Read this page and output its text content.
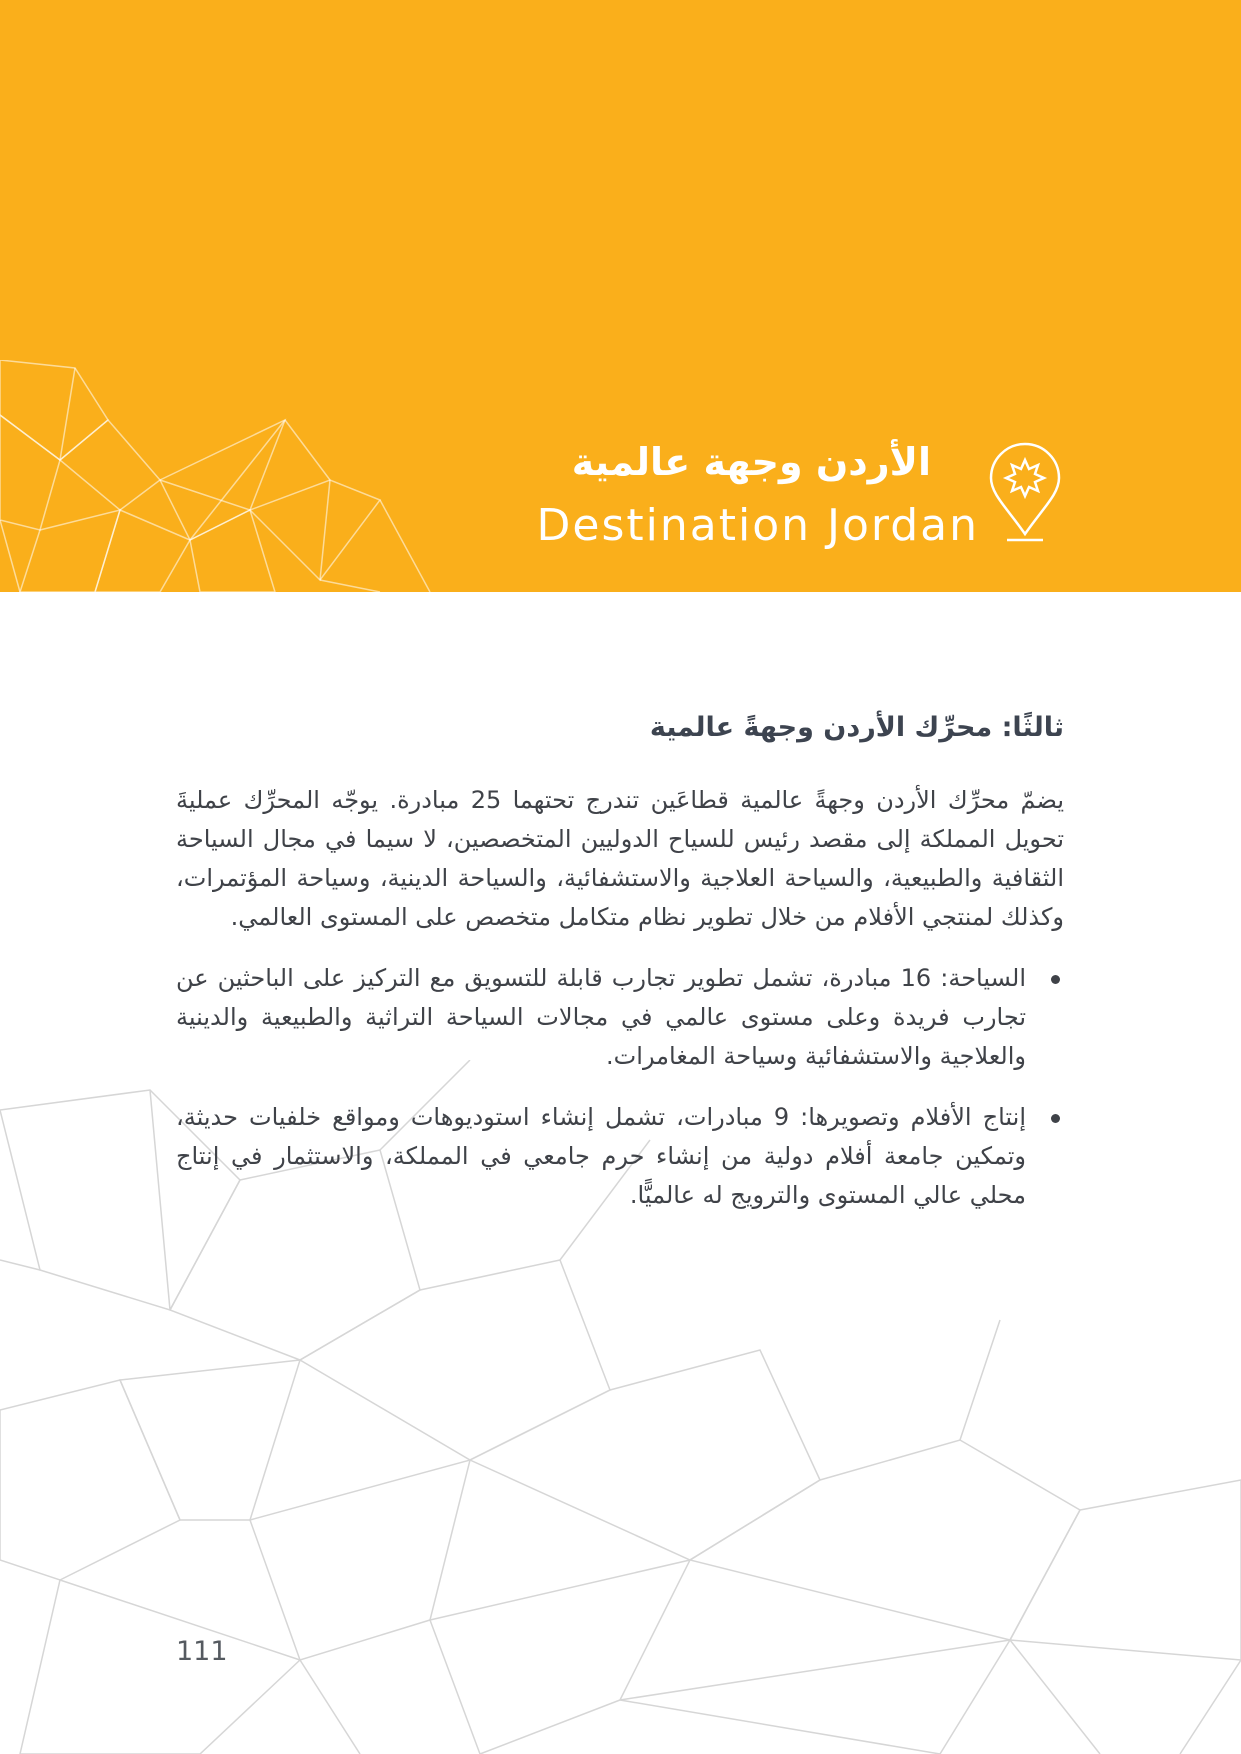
الأردن وجهة عالمية
Destination Jordan
ثالثًا: محرِّك الأردن وجهةً عالمية

يضمّ محرِّك الأردن وجهةً عالمية قطاعَين تندرج تحتهما 25 مبادرة. يوجّه المحرِّك عمليةَ تحويل المملكة إلى مقصد رئيس للسياح الدوليين المتخصصين، لا سيما في مجال السياحة الثقافية والطبيعية، والسياحة العلاجية والاستشفائية، والسياحة الدينية، وسياحة المؤتمرات، وكذلك لمنتجي الأفلام من خلال تطوير نظام متكامل متخصص على المستوى العالمي.

السياحة: 16 مبادرة، تشمل تطوير تجارب قابلة للتسويق مع التركيز على الباحثين عن تجارب فريدة وعلى مستوى عالمي في مجالات السياحة التراثية والطبيعية والدينية والعلاجية والاستشفائية وسياحة المغامرات.
إنتاج الأفلام وتصويرها: 9 مبادرات، تشمل إنشاء استوديوهات ومواقع خلفيات حديثة، وتمكين جامعة أفلام دولية من إنشاء حرم جامعي في المملكة، والاستثمار في إنتاج محلي عالي المستوى والترويج له عالميًّا.
111
